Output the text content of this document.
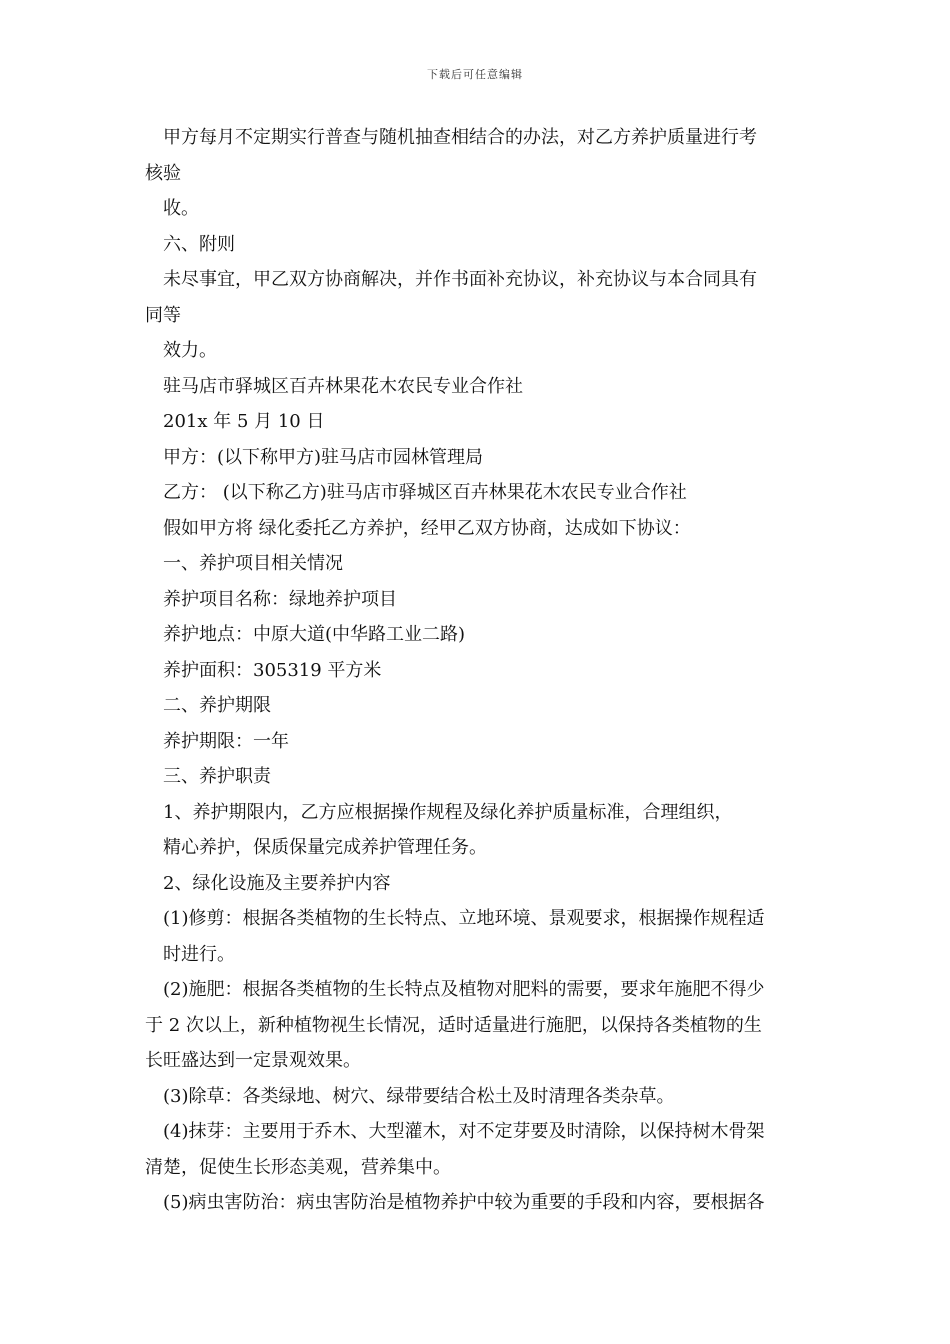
下载后可任意编辑
甲方每月不定期实行普查与随机抽查相结合的办法，对乙方养护质量进行考
核验
收。
六、附则
未尽事宜，甲乙双方协商解决，并作书面补充协议，补充协议与本合同具有
同等
效力。
驻马店市驿城区百卉林果花木农民专业合作社
201x 年 5 月 10 日
甲方：(以下称甲方)驻马店市园林管理局
乙方： (以下称乙方)驻马店市驿城区百卉林果花木农民专业合作社
假如甲方将 绿化委托乙方养护，经甲乙双方协商，达成如下协议：
一、养护项目相关情况
养护项目名称：绿地养护项目
养护地点：中原大道(中华路工业二路)
养护面积：305319 平方米
二、养护期限
养护期限：一年
三、养护职责
1、养护期限内，乙方应根据操作规程及绿化养护质量标准，合理组织，
精心养护，保质保量完成养护管理任务。
2、绿化设施及主要养护内容
(1)修剪：根据各类植物的生长特点、立地环境、景观要求，根据操作规程适
时进行。
(2)施肥：根据各类植物的生长特点及植物对肥料的需要，要求年施肥不得少
于 2 次以上，新种植物视生长情况，适时适量进行施肥，以保持各类植物的生
长旺盛达到一定景观效果。
(3)除草：各类绿地、树穴、绿带要结合松土及时清理各类杂草。
(4)抹芽：主要用于乔木、大型灌木，对不定芽要及时清除，以保持树木骨架
清楚，促使生长形态美观，营养集中。
(5)病虫害防治：病虫害防治是植物养护中较为重要的手段和内容，要根据各
